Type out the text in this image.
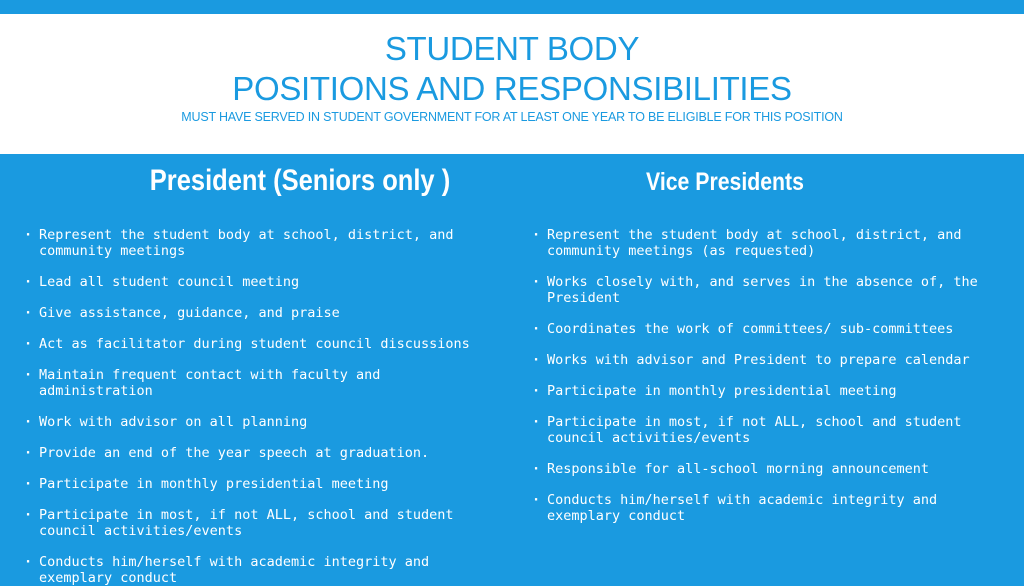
STUDENT BODY
POSITIONS AND RESPONSIBILITIES
MUST HAVE SERVED IN STUDENT GOVERNMENT FOR AT LEAST ONE YEAR TO BE ELIGIBLE FOR THIS POSITION
President (Seniors only )	Vice Presidents
· Represent the student body at school, district, and community meetings
· Lead all student council meeting
· Give assistance, guidance, and praise
· Act as facilitator during student council discussions
· Maintain frequent contact with faculty and administration
· Work with advisor on all planning
· Provide an end of the year speech at graduation.
· Participate in monthly presidential meeting
· Participate in most, if not ALL, school and student council activities/events
· Conducts him/herself with academic integrity and exemplary conduct
· Represent the student body at school, district, and community meetings (as requested)
· Works closely with, and serves in the absence of, the President
· Coordinates the work of committees/ sub-committees
· Works with advisor and President to prepare calendar
· Participate in monthly presidential meeting
· Participate in most, if not ALL, school and student council activities/events
· Responsible for all-school morning announcement
· Conducts him/herself with academic integrity and exemplary conduct
